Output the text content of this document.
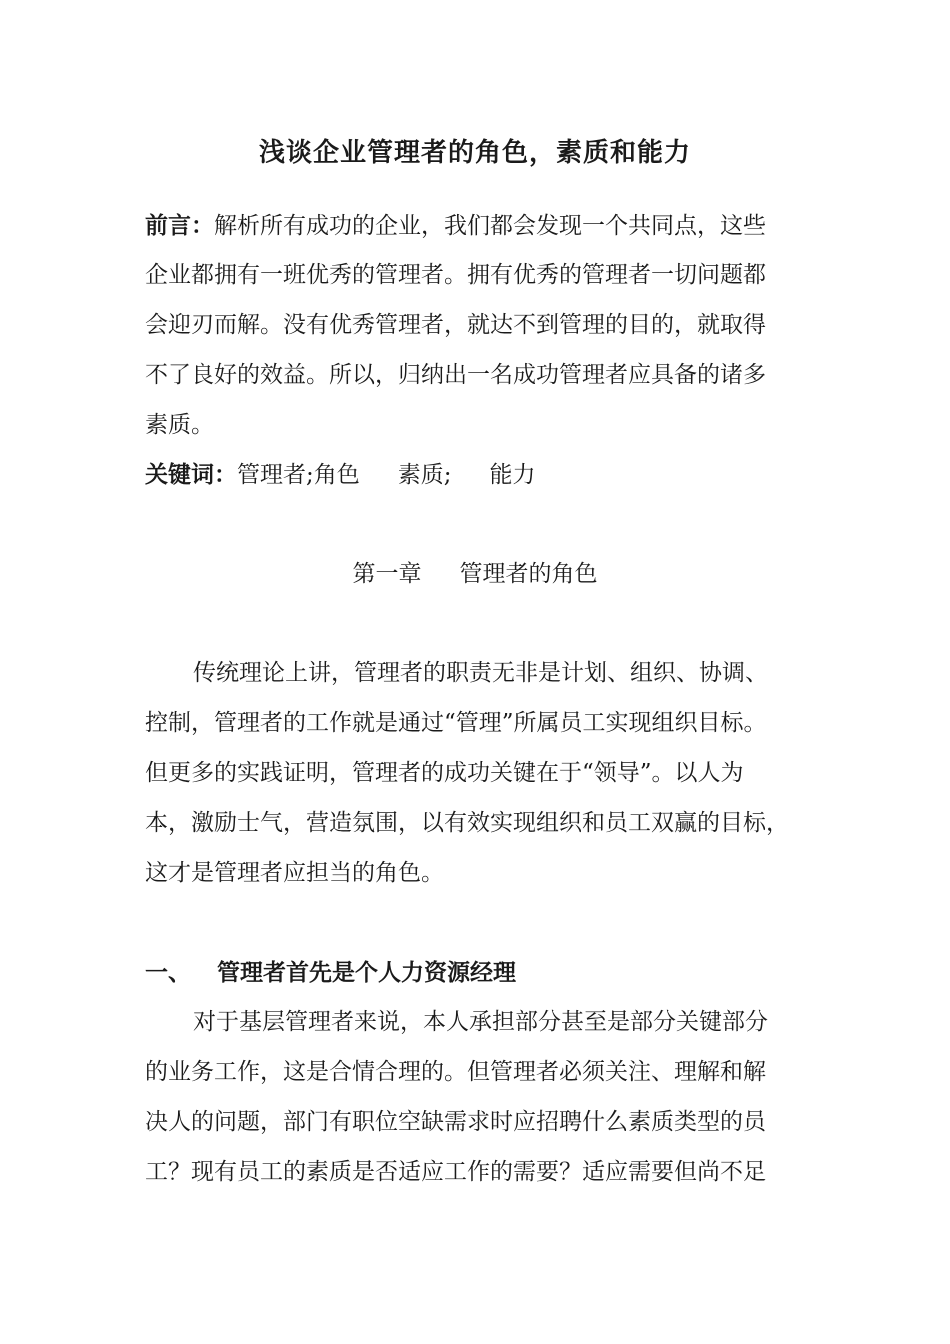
浅谈企业管理者的角色，素质和能力
前言：解析所有成功的企业，我们都会发现一个共同点，这些
企业都拥有一班优秀的管理者。拥有优秀的管理者一切问题都
会迎刃而解。没有优秀管理者，就达不到管理的目的，就取得
不了良好的效益。所以，归纳出一名成功管理者应具备的诸多
素质。
关键词：管理者;角色 素质; 能力
第一章 管理者的角色
传统理论上讲，管理者的职责无非是计划、组织、协调、
控制，管理者的工作就是通过“管理”所属员工实现组织目标。
但更多的实践证明，管理者的成功关键在于“领导”。以人为
本，激励士气，营造氛围，以有效实现组织和员工双赢的目标，
这才是管理者应担当的角色。
一、 管理者首先是个人力资源经理
对于基层管理者来说，本人承担部分甚至是部分关键部分
的业务工作，这是合情合理的。但管理者必须关注、理解和解
决人的问题，部门有职位空缺需求时应招聘什么素质类型的员
工？现有员工的素质是否适应工作的需要？适应需要但尚不足
